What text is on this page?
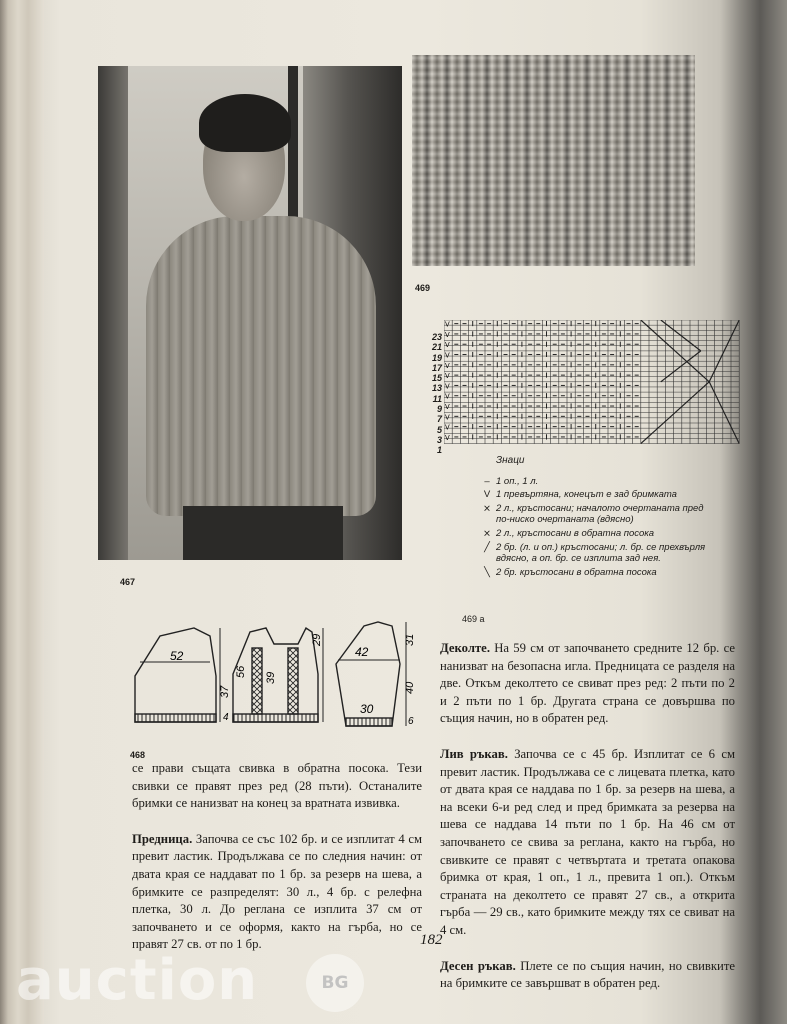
467
469
23
21
19
17
15
13
11
9
7
5
3
1
V
V
V
V
V
V
V
V
V
V
V
V
Знаци
– 1 оп., 1 л.
V 1 превъртяна, конецът е зад бримката
⨯ 2 л., кръстосани; началото очертаната пред по-ниско очертаната (вдясно)
⨯ 2 л., кръстосани в обратна посока
╱ 2 бр. (л. и оп.) кръстосани; л. бр. се прехвърля вдясно, а оп. бр. се изплита зад нея.
╲ 2 бр. кръстосани в обратна посока
469 a
52
37
4
56 39
29
42
31
40
30
6
468

се прави същата свивка в обратна посока. Тези свивки се правят през ред (28 пъти). Останалите бримки се нанизват на конец за вратната извивка.

Предница. Започва се със 102 бр. и се изплитат 4 см превит ластик. Продължава се по следния начин: от двата края се наддават по 1 бр. за резерв на шева, а бримките се разпределят: 30 л., 4 бр. с релефна плетка, 30 л. До реглана се изплита 37 см от започването и се оформя, както на гърба, но се правят 27 св. от по 1 бр.

Деколте. На 59 см от започването средните 12 бр. се нанизват на безопасна игла. Предницата се разделя на две. Откъм деколтето се свиват през ред: 2 пъти по 2 и 2 пъти по 1 бр. Другата страна се довършва по същия начин, но в обратен ред.

Лив ръкав. Започва се с 45 бр. Изплитат се 6 см превит ластик. Продължава се с лицевата плетка, като от двата края се наддава по 1 бр. за резерв на шева, а на всеки 6-и ред след и пред бримката за резерва на шева се наддава 14 пъти по 1 бр. На 46 см от започването се свива за реглана, както на гърба, но свивките се правят с четвъртата и третата опакова бримка от края, 1 оп., 1 л., превита 1 оп.). Откъм страната на деколтето се правят 27 св., а открита гърба — 29 св., като бримките между тях се свиват на 4 см.

Десен ръкав. Плете се по същия начин, но свивките на бримките се завършват в обратен ред.

182
auction	BG
